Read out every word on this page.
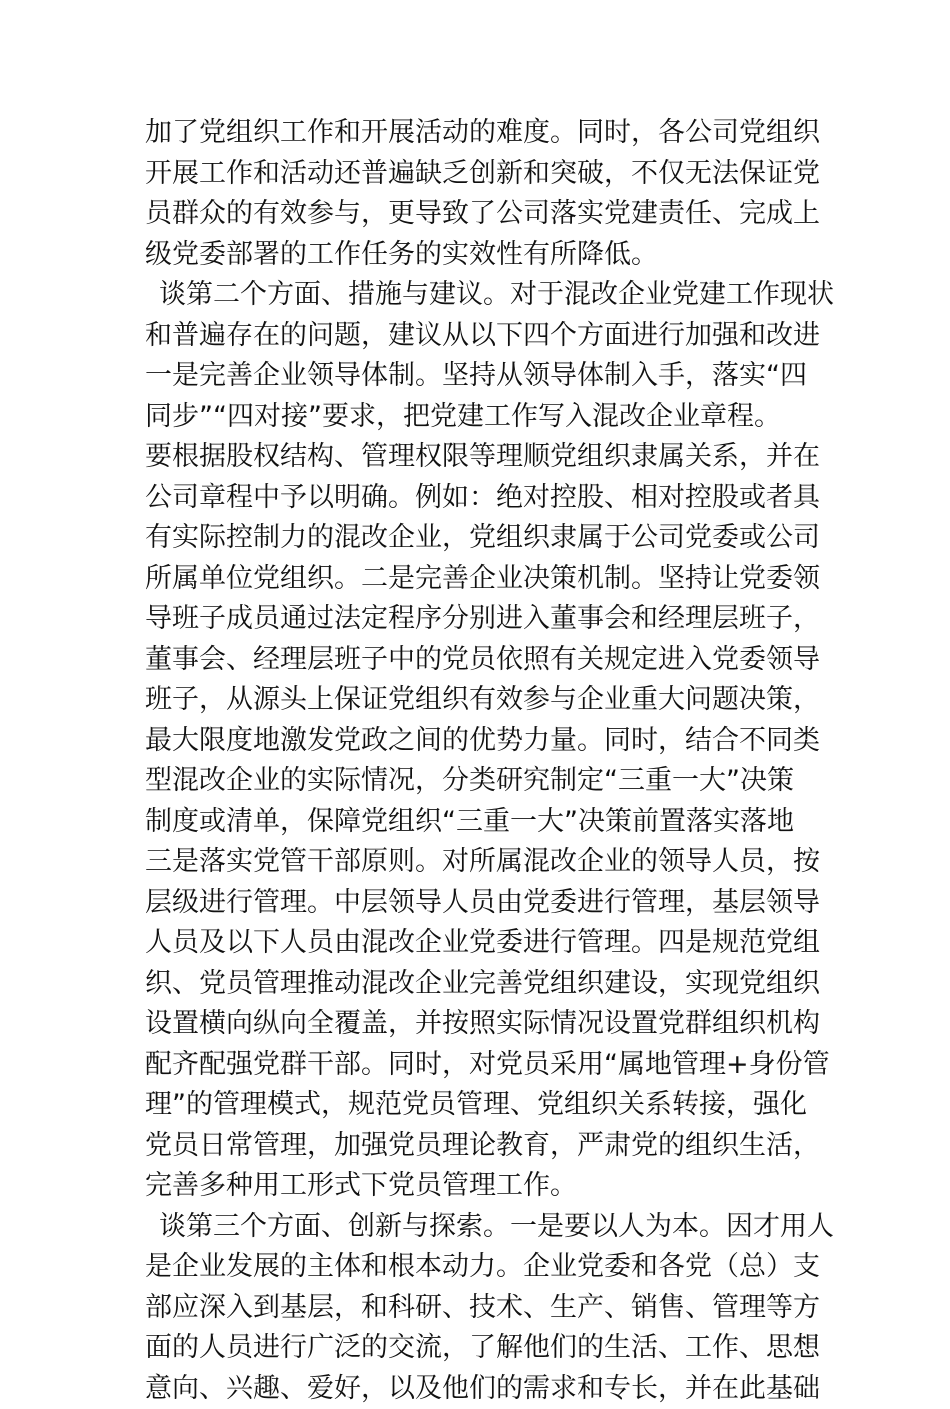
加了党组织工作和开展活动的难度。同时，各公司党组织
开展工作和活动还普遍缺乏创新和突破，不仅无法保证党
员群众的有效参与，更导致了公司落实党建责任、完成上
级党委部署的工作任务的实效性有所降低。
谈第二个方面、措施与建议。对于混改企业党建工作现状
和普遍存在的问题，建议从以下四个方面进行加强和改进
一是完善企业领导体制。坚持从领导体制入手，落实“四
同步”“四对接”要求，把党建工作写入混改企业章程。
要根据股权结构、管理权限等理顺党组织隶属关系，并在
公司章程中予以明确。例如：绝对控股、相对控股或者具
有实际控制力的混改企业，党组织隶属于公司党委或公司
所属单位党组织。二是完善企业决策机制。坚持让党委领
导班子成员通过法定程序分别进入董事会和经理层班子，
董事会、经理层班子中的党员依照有关规定进入党委领导
班子，从源头上保证党组织有效参与企业重大问题决策，
最大限度地激发党政之间的优势力量。同时，结合不同类
型混改企业的实际情况，分类研究制定“三重一大”决策
制度或清单，保障党组织“三重一大”决策前置落实落地
三是落实党管干部原则。对所属混改企业的领导人员，按
层级进行管理。中层领导人员由党委进行管理，基层领导
人员及以下人员由混改企业党委进行管理。四是规范党组
织、党员管理推动混改企业完善党组织建设，实现党组织
设置横向纵向全覆盖，并按照实际情况设置党群组织机构
配齐配强党群干部。同时，对党员采用“属地管理+身份管
理”的管理模式，规范党员管理、党组织关系转接，强化
党员日常管理，加强党员理论教育，严肃党的组织生活，
完善多种用工形式下党员管理工作。
谈第三个方面、创新与探索。一是要以人为本。因才用人
是企业发展的主体和根本动力。企业党委和各党（总）支
部应深入到基层，和科研、技术、生产、销售、管理等方
面的人员进行广泛的交流，了解他们的生活、工作、思想
意向、兴趣、爱好，以及他们的需求和专长，并在此基础
